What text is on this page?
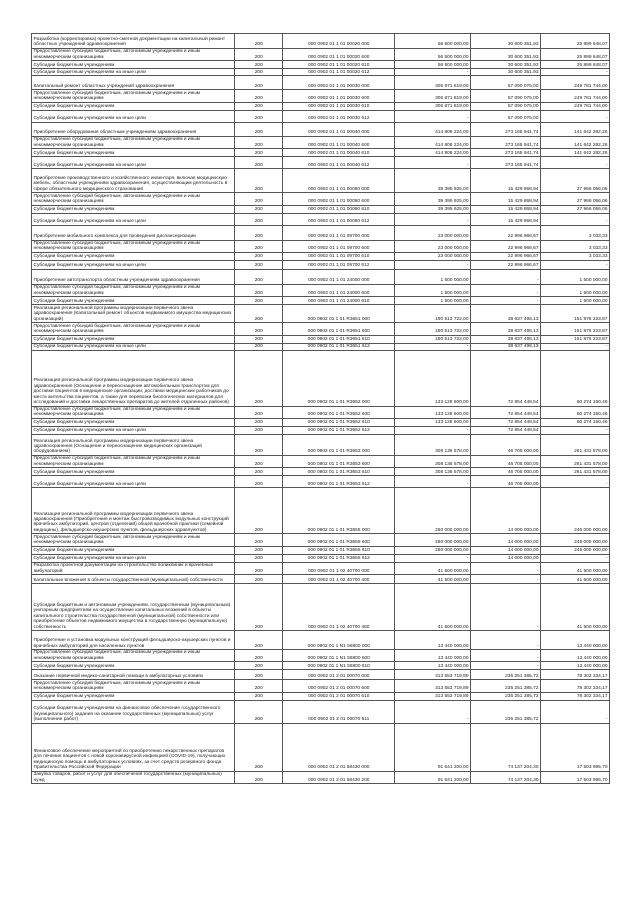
Разработка (корректировка) проектно-сметной документации на капитальный ремонт областных учреждений здравоохранения	200	000 0902 01 1 01 00020 000	56 500 000,00	30 600 351,93	25 899 648,07
Предоставление субсидий бюджетным, автономным учреждениям и иным некоммерческим организациям	200	000 0902 01 1 01 00020 600	56 500 000,00	30 600 351,93	25 899 648,07
Субсидии бюджетным учреждениям	200	000 0902 01 1 01 00020 610	56 500 000,00	30 600 351,93	25 899 648,07
Субсидии бюджетным учреждениям на иные цели	200	000 0902 01 1 01 00020 612	-	30 600 351,93	-
Капитальный ремонт областных учреждений здравоохранения	200	000 0902 01 1 01 00030 000	306 871 819,00	57 090 075,00	249 781 744,00
Предоставление субсидий бюджетным, автономным учреждениям и иным некоммерческим организациям	200	000 0902 01 1 01 00030 600	306 871 819,00	57 090 075,00	249 781 744,00
Субсидии бюджетным учреждениям	200	000 0902 01 1 01 00030 610	306 871 819,00	57 090 075,00	249 781 744,00
Субсидии бюджетным учреждениям на иные цели	200	000 0902 01 1 01 00030 612	-	57 090 075,00	-
Приобретение оборудования областным учреждениям здравоохранения	200	000 0902 01 1 01 00040 000	414 808 224,00	273 165 941,74	141 642 282,26
Предоставление субсидий бюджетным, автономным учреждениям и иным некоммерческим организациям	200	000 0902 01 1 01 00040 600	414 808 224,00	273 165 941,74	141 642 282,26
Субсидии бюджетным учреждениям	200	000 0902 01 1 01 00040 610	414 808 224,00	273 165 941,74	141 642 282,26
Субсидии бюджетным учреждениям на иные цели	200	000 0902 01 1 01 00040 612	-	273 165 941,74	-
Приобретение производственного и хозяйственного инвентаря, включая медицинскую мебель, областным учреждениям здравоохранения, осуществляющим деятельность в сфере обязательного медицинского страхования	200	000 0902 01 1 01 00060 000	39 395 925,00	15 429 868,94	27 966 056,06
Предоставление субсидий бюджетным, автономным учреждениям и иным некоммерческим организациям	200	000 0902 01 1 01 00060 600	39 395 925,00	15 429 868,94	27 966 056,06
Субсидии бюджетным учреждениям	200	000 0902 01 1 01 00060 610	39 395 925,00	15 429 868,94	27 966 056,06
Субсидии бюджетным учреждениям на иные цели	200	000 0902 01 1 01 00060 612	-	15 429 868,94	-
Приобретение мобильного комплекса для проведения диспансеризации	200	000 0902 01 1 01 09700 000	23 000 000,00	22 996 966,67	3 033,33
Предоставление субсидий бюджетным, автономным учреждениям и иным некоммерческим организациям	200	000 0902 01 1 01 09700 600	23 000 000,00	22 996 966,67	3 033,33
Субсидии бюджетным учреждениям	200	000 0902 01 1 01 09700 610	23 000 000,00	22 996 966,67	3 033,33
Субсидии бюджетным учреждениям на иные цели	200	000 0902 01 1 01 09700 612	-	22 996 966,67	-
Приобретение автотранспорта областным учреждениям здравоохранения	200	000 0902 01 1 01 24000 000	1 500 000,00	-	1 500 000,00
Предоставление субсидий бюджетным, автономным учреждениям и иным некоммерческим организациям	200	000 0902 01 1 01 24000 600	1 500 000,00	-	1 500 000,00
Субсидии бюджетным учреждениям	200	000 0902 01 1 01 24000 610	1 500 000,00	-	1 500 000,00
Реализация региональной программы модернизации первичного звена здравоохранения (Капитальный ремонт объектов недвижимого имущества медицинских организаций)	200	000 0902 01 1 01 R3651 000	190 513 722,00	38 637 498,13	151 876 223,87
Предоставление субсидий бюджетным, автономным учреждениям и иным некоммерческим организациям	200	000 0902 01 1 01 R3651 600	190 513 722,00	38 637 498,13	151 876 223,87
Субсидии бюджетным учреждениям	200	000 0902 01 1 01 R3651 610	190 513 722,00	38 637 498,13	151 876 223,87
Субсидии бюджетным учреждениям на иные цели	200	000 0902 01 1 01 R3651 612	-	38 637 498,13	-
Реализация региональной программы модернизации первичного звена здравоохранения (Оснащение и переоснащение автомобильным транспортом для доставки пациентов в медицинские организации, доставки медицинских работников до места жительства пациентов, а также для перевозки биологических материалов для исследований и доставки лекарственных препаратов до жителей отдаленных районов)	200	000 0902 01 1 01 R3652 000	133 128 600,00	72 854 449,54	60 274 150,46
Предоставление субсидий бюджетным, автономным учреждениям и иным некоммерческим организациям	200	000 0902 01 1 01 R3652 600	133 128 600,00	72 854 449,54	60 274 150,46
Субсидии бюджетным учреждениям	200	000 0902 01 1 01 R3652 610	133 128 600,00	72 854 449,54	60 274 150,46
Субсидии бюджетным учреждениям на иные цели	200	000 0902 01 1 01 R3652 612	-	72 854 449,54	-
Реализация региональной программы модернизации первичного звена здравоохранения (Оснащение и переоснащение медицинских организаций оборудованием)	200	000 0902 01 1 01 R3653 000	308 136 578,00	46 705 000,00	261 431 578,00
Предоставление субсидий бюджетным, автономным учреждениям и иным некоммерческим организациям	200	000 0902 01 1 01 R3653 600	308 136 578,00	46 705 000,00	261 431 578,00
Субсидии бюджетным учреждениям	200	000 0902 01 1 01 R3653 610	308 136 578,00	46 705 000,00	261 431 578,00
Субсидии бюджетным учреждениям на иные цели	200	000 0902 01 1 01 R3653 612	-	46 705 000,00	-
Реализация региональной программы модернизации первичного звена здравоохранения (Приобретение и монтаж быстровозводимых модульных конструкций врачебных амбулаторий, центров (отделений) общей врачебной практики (семейной медицины), фельдшерско-акушерских пунктов, фельдшерских здравпунктов)	200	000 0902 01 1 01 R3655 000	260 000 000,00	14 000 000,00	246 000 000,00
Предоставление субсидий бюджетным, автономным учреждениям и иным некоммерческим организациям	200	000 0902 01 1 01 R3655 600	260 000 000,00	14 000 000,00	246 000 000,00
Субсидии бюджетным учреждениям	200	000 0902 01 1 01 R3655 610	260 000 000,00	14 000 000,00	246 000 000,00
Субсидии бюджетным учреждениям на иные цели	200	000 0902 01 1 01 R3655 612	-	14 000 000,00	-
Разработка проектной документации на строительство поликлиник и врачебных амбулаторий	200	000 0902 01 1 02 40700 000	41 500 000,00	-	41 500 000,00
Капитальные вложения в объекты государственной (муниципальной) собственности	200	000 0902 01 1 02 40700 400	41 500 000,00	-	41 500 000,00
Субсидии бюджетным и автономным учреждениям, государственным (муниципальным) унитарным предприятиям на осуществление капитальных вложений в объекты капитального строительства государственной (муниципальной) собственности или приобретение объектов недвижимого имущества в государственную (муниципальную) собственность	200	000 0902 01 1 02 40700 460	41 500 000,00	-	41 500 000,00
Приобретение и установка модульных конструкций фельдшерско-акушерских пунктов и врачебных амбулаторий для населенных пунктов	200	000 0902 01 1 N1 56800 000	13 440 000,00	-	13 440 000,00
Предоставление субсидий бюджетным, автономным учреждениям и иным некоммерческим организациям	200	000 0902 01 1 N1 56800 600	13 440 000,00	-	13 440 000,00
Субсидии бюджетным учреждениям	200	000 0902 01 1 N1 56800 610	13 440 000,00	-	13 440 000,00
Оказание первичной медико-санитарной помощи в амбулаторных условиях	200	000 0902 01 2 01 00070 000	313 553 719,89	235 251 385,72	78 302 334,17
Предоставление субсидий бюджетным, автономным учреждениям и иным некоммерческим организациям	200	000 0902 01 2 01 00070 600	313 553 719,89	235 251 385,72	78 302 334,17
Субсидии бюджетным учреждениям	200	000 0902 01 2 01 00070 610	313 553 719,89	235 251 385,72	78 302 334,17
Субсидии бюджетным учреждениям на финансовое обеспечение государственного (муниципального) задания на оказание государственных (муниципальных) услуг (выполнение работ)	200	000 0902 01 2 01 00070 611	-	235 251 385,72	-
Финансовое обеспечение мероприятий по приобретению лекарственных препаратов для лечения пациентов с новой коронавирусной инфекцией (COVID-19), получающих медицинскую помощь в амбулаторных условиях, за счет средств резервного фонда Правительства Российской Федерации	200	000 0902 01 2 01 58430 000	91 641 200,00	74 137 204,30	17 503 995,70
Закупка товаров, работ и услуг для обеспечения государственных (муниципальных) нужд	200	000 0902 01 2 01 58430 200	91 641 200,00	74 137 204,30	17 503 995,70
